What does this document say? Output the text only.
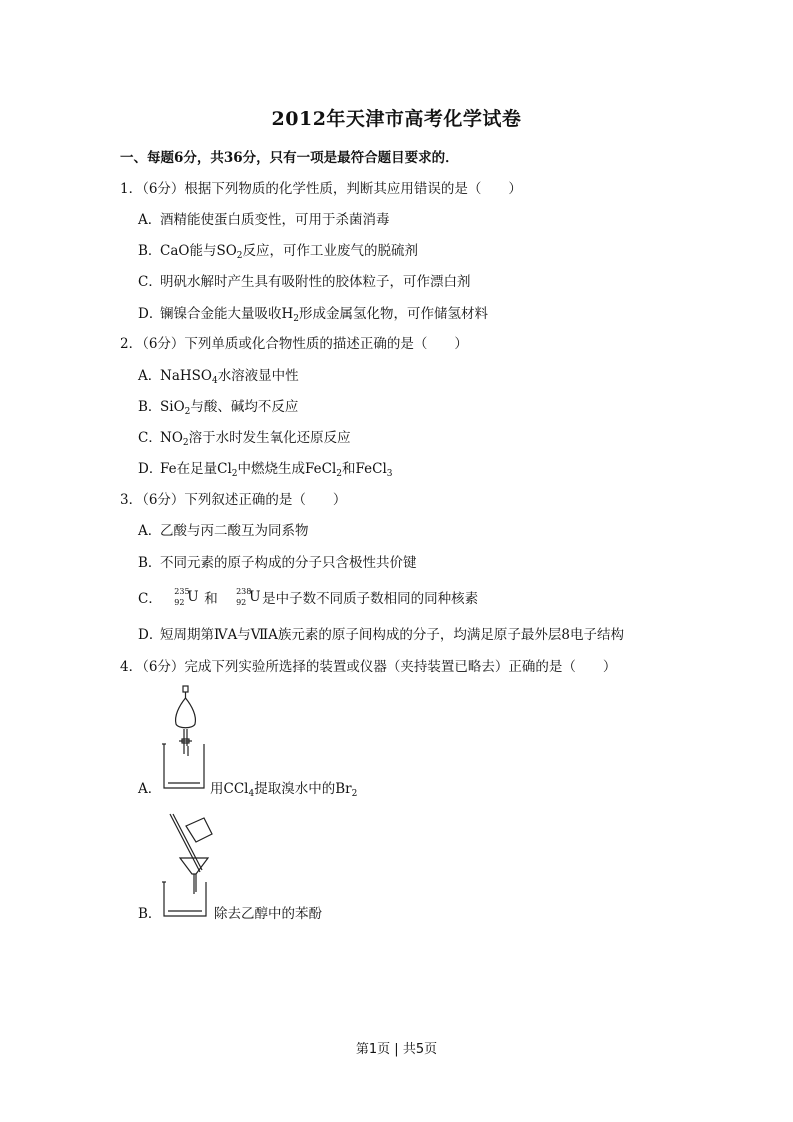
2012年天津市高考化学试卷
一、每题6分，共36分，只有一项是最符合题目要求的．
1．（6分）根据下列物质的化学性质，判断其应用错误的是（　　）
A．酒精能使蛋白质变性，可用于杀菌消毒
B．CaO能与$SO_2$反应，可作工业废气的脱硫剂
C．明矾水解时产生具有吸附性的胶体粒子，可作漂白剂
D．镧镍合金能大量吸收$H_2$形成金属氢化物，可作储氢材料
2．（6分）下列单质或化合物性质的描述正确的是（　　）
A．NaHSO$_4$水溶液显中性
B．SiO$_2$与酸、碱均不反应
C．$NO_2$溶于水时发生氧化还原反应
D．Fe在足量$Cl_2$中燃烧生成FeCl$_2$和FeCl$_3$
3．（6分）下列叙述正确的是（　　）
A．乙酸与丙二酸互为同系物
B．不同元素的原子构成的分子只含极性共价键
C． 235
92 U 和 238
92 U 是中子数不同质子数相同的同种核素
D．短周期第ⅣA与ⅦA族元素的原子间构成的分子，均满足原子最外层8电子结构
4．（6分）完成下列实验所选择的装置或仪器（夹持装置已略去）正确的是（　　）
A．	用CCl$_4$提取溴水中的$Br_2$
B．	除去乙醇中的苯酚
第1页 | 共5页
